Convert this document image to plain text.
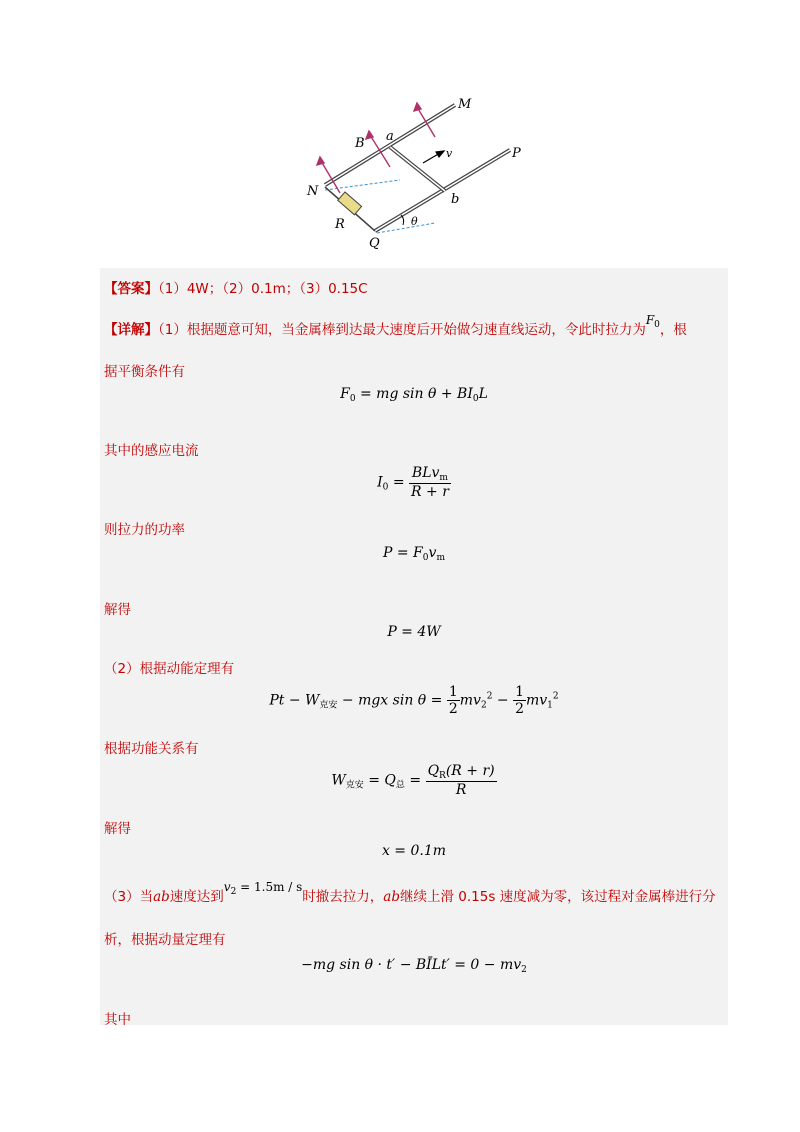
M
P
N
Q
a
b
B
v
R	θ
【答案】（1）4W；（2）0.1m；（3）0.15C
【详解】（1）根据题意可知，当金属棒到达最大速度后开始做匀速直线运动，令此时拉力为$F_0$，根
据平衡条件有
$F_0$ = mg $\sin \theta + BI_0L$
其中的感应电流
$I_0 = \frac{BLv_m}{R + r}$
则拉力的功率
$P = F_0v_m$
解得
P = 4W
（2）根据动能定理有
$Pt - W_{克安}$ − mgx $\sin \theta = \frac{1}{2} mv_2^2 - \frac{1}{2} mv_1^2$
根据功能关系有
$W_{克安} = Q_总 = \frac{Q_R(R + r)}{R}$
解得
x = 0.1m
（3）当ab速度达到$v_2 = 1.5m / s$时撤去拉力，ab继续上滑 0.15s 速度减为零，该过程对金属棒进行分
析，根据动量定理有
−mg sin θ · t′ − BĪLt′ = $0 - mv_2$
其中
